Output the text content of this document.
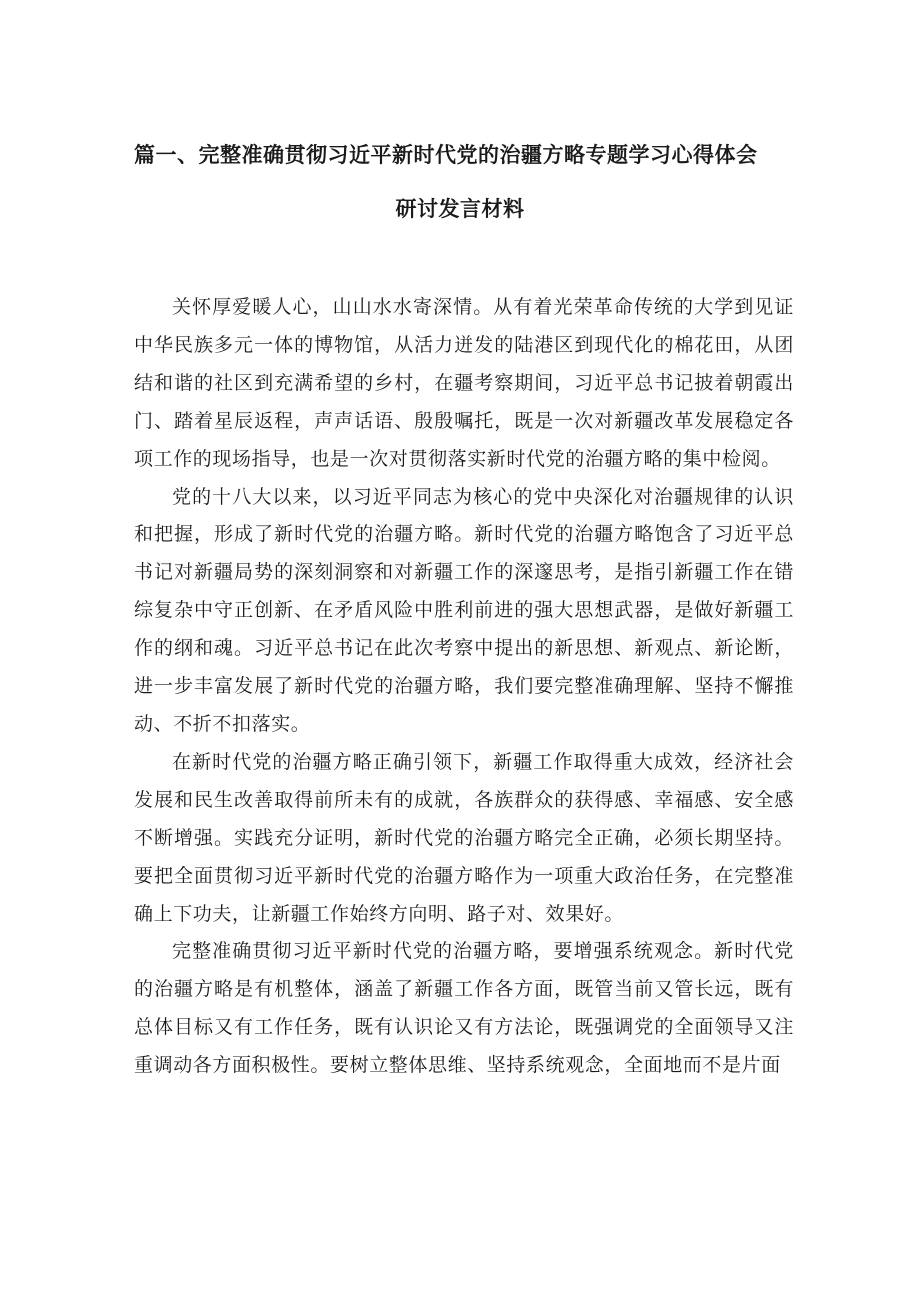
篇一、完整准确贯彻习近平新时代党的治疆方略专题学习心得体会
研讨发言材料

关怀厚爱暖人心，山山水水寄深情。从有着光荣革命传统的大学到见证中华民族多元一体的博物馆，从活力迸发的陆港区到现代化的棉花田，从团结和谐的社区到充满希望的乡村，在疆考察期间，习近平总书记披着朝霞出门、踏着星辰返程，声声话语、殷殷嘱托，既是一次对新疆改革发展稳定各项工作的现场指导，也是一次对贯彻落实新时代党的治疆方略的集中检阅。

党的十八大以来，以习近平同志为核心的党中央深化对治疆规律的认识和把握，形成了新时代党的治疆方略。新时代党的治疆方略饱含了习近平总书记对新疆局势的深刻洞察和对新疆工作的深邃思考，是指引新疆工作在错综复杂中守正创新、在矛盾风险中胜利前进的强大思想武器，是做好新疆工作的纲和魂。习近平总书记在此次考察中提出的新思想、新观点、新论断，进一步丰富发展了新时代党的治疆方略，我们要完整准确理解、坚持不懈推动、不折不扣落实。

在新时代党的治疆方略正确引领下，新疆工作取得重大成效，经济社会发展和民生改善取得前所未有的成就，各族群众的获得感、幸福感、安全感不断增强。实践充分证明，新时代党的治疆方略完全正确，必须长期坚持。要把全面贯彻习近平新时代党的治疆方略作为一项重大政治任务，在完整准确上下功夫，让新疆工作始终方向明、路子对、效果好。

完整准确贯彻习近平新时代党的治疆方略，要增强系统观念。新时代党的治疆方略是有机整体，涵盖了新疆工作各方面，既管当前又管长远，既有总体目标又有工作任务，既有认识论又有方法论，既强调党的全面领导又注重调动各方面积极性。要树立整体思维、坚持系统观念，全面地而不是片面
